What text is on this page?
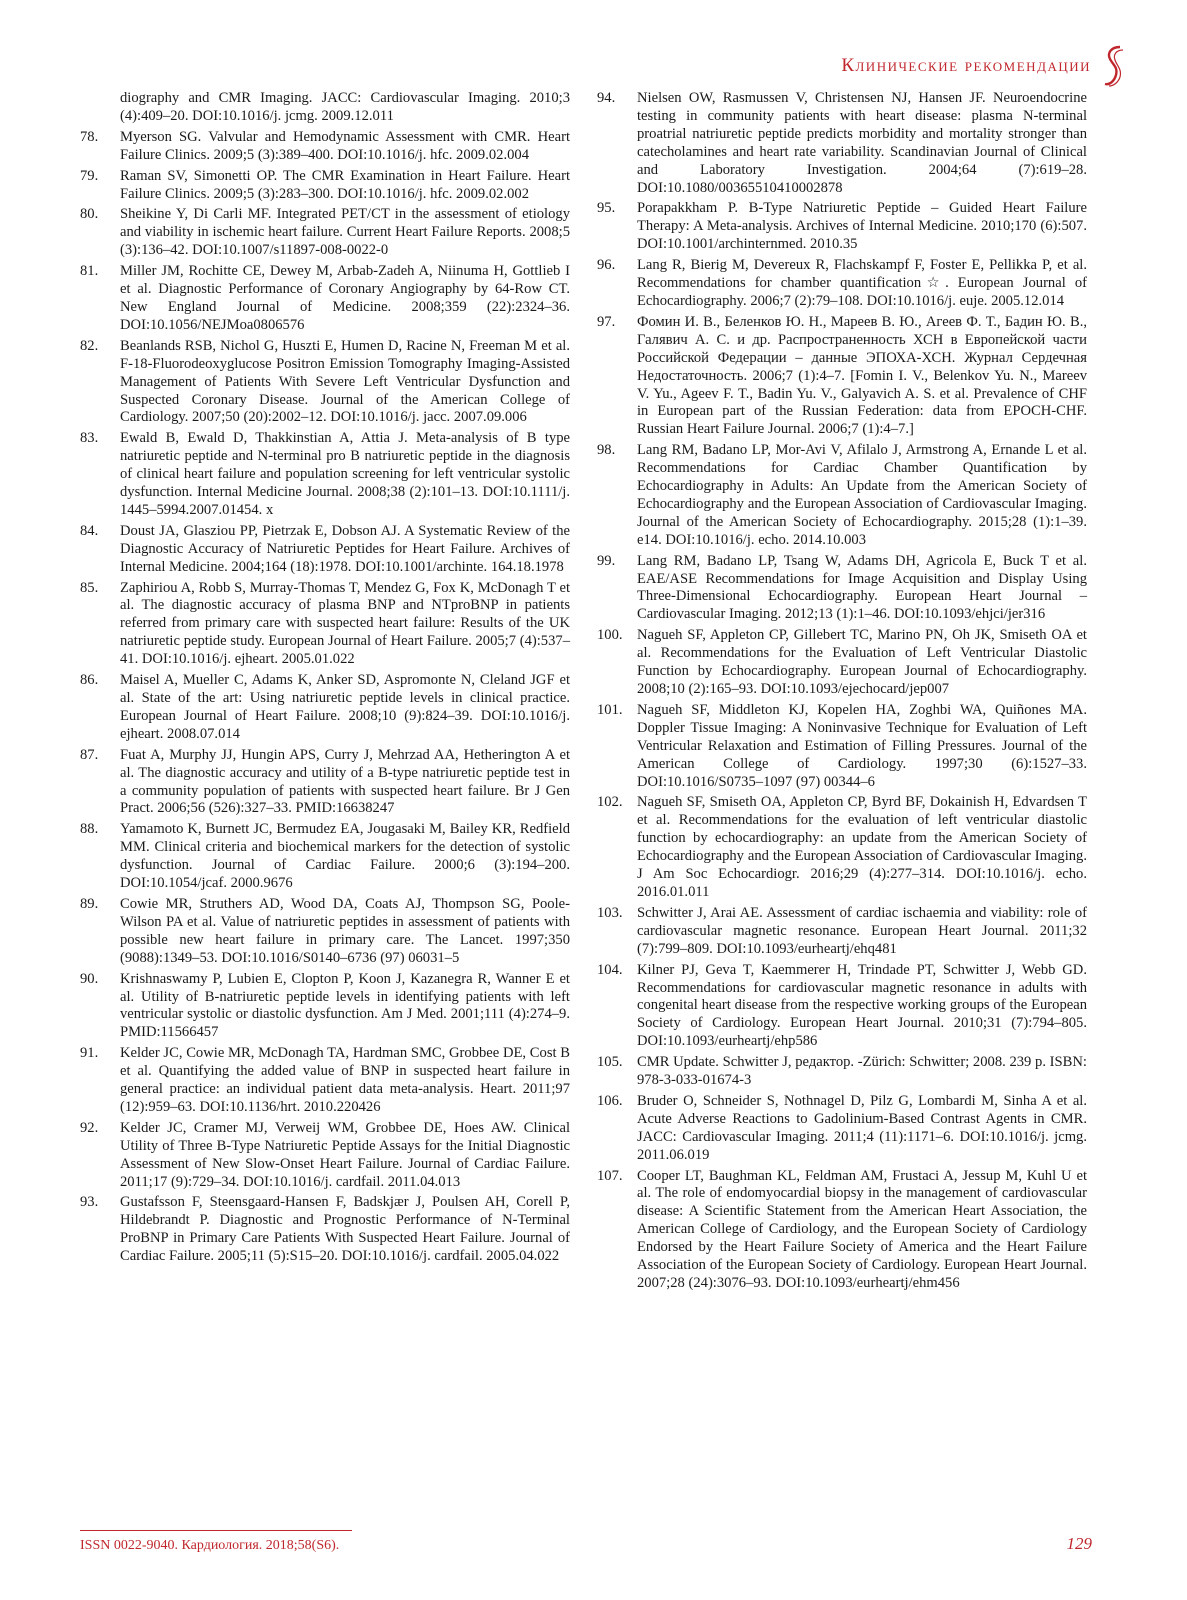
Клинические рекомендации
diography and CMR Imaging. JACC: Cardiovascular Imaging. 2010;3 (4):409–20. DOI:10.1016/j. jcmg. 2009.12.011
78.	Myerson SG. Valvular and Hemodynamic Assessment with CMR. Heart Failure Clinics. 2009;5 (3):389–400. DOI:10.1016/j. hfc. 2009.02.004
79.	Raman SV, Simonetti OP. The CMR Examination in Heart Failure. Heart Failure Clinics. 2009;5 (3):283–300. DOI:10.1016/j. hfc. 2009.02.002
80.	Sheikine Y, Di Carli MF. Integrated PET/CT in the assessment of etiology and viability in ischemic heart failure. Current Heart Failure Reports. 2008;5 (3):136–42. DOI:10.1007/s11897-008-0022-0
81.	Miller JM, Rochitte CE, Dewey M, Arbab-Zadeh A, Niinuma H, Gottlieb I et al. Diagnostic Performance of Coronary Angiography by 64-Row CT. New England Journal of Medicine. 2008;359 (22):2324–36. DOI:10.1056/NEJMoa0806576
82.	Beanlands RSB, Nichol G, Huszti E, Humen D, Racine N, Freeman M et al. F-18-Fluorodeoxyglucose Positron Emission Tomography Imaging-Assisted Management of Patients With Severe Left Ventricular Dysfunction and Suspected Coronary Disease. Journal of the American College of Cardiology. 2007;50 (20):2002–12. DOI:10.1016/j. jacc. 2007.09.006
83.	Ewald B, Ewald D, Thakkinstian A, Attia J. Meta-analysis of B type natriuretic peptide and N-terminal pro B natriuretic peptide in the diagnosis of clinical heart failure and population screening for left ventricular systolic dysfunction. Internal Medicine Journal. 2008;38 (2):101–13. DOI:10.1111/j. 1445–5994.2007.01454. x
84.	Doust JA, Glasziou PP, Pietrzak E, Dobson AJ. A Systematic Review of the Diagnostic Accuracy of Natriuretic Peptides for Heart Failure. Archives of Internal Medicine. 2004;164 (18):1978. DOI:10.1001/archinte. 164.18.1978
85.	Zaphiriou A, Robb S, Murray-Thomas T, Mendez G, Fox K, McDonagh T et al. The diagnostic accuracy of plasma BNP and NTproBNP in patients referred from primary care with suspected heart failure: Results of the UK natriuretic peptide study. European Journal of Heart Failure. 2005;7 (4):537–41. DOI:10.1016/j. ejheart. 2005.01.022
86.	Maisel A, Mueller C, Adams K, Anker SD, Aspromonte N, Cleland JGF et al. State of the art: Using natriuretic peptide levels in clinical practice. European Journal of Heart Failure. 2008;10 (9):824–39. DOI:10.1016/j. ejheart. 2008.07.014
87.	Fuat A, Murphy JJ, Hungin APS, Curry J, Mehrzad AA, Hetherington A et al. The diagnostic accuracy and utility of a B-type natriuretic peptide test in a community population of patients with suspected heart failure. Br J Gen Pract. 2006;56 (526):327–33. PMID:16638247
88.	Yamamoto K, Burnett JC, Bermudez EA, Jougasaki M, Bailey KR, Redfield MM. Clinical criteria and biochemical markers for the detection of systolic dysfunction. Journal of Cardiac Failure. 2000;6 (3):194–200. DOI:10.1054/jcaf. 2000.9676
89.	Cowie MR, Struthers AD, Wood DA, Coats AJ, Thompson SG, Poole-Wilson PA et al. Value of natriuretic peptides in assessment of patients with possible new heart failure in primary care. The Lancet. 1997;350 (9088):1349–53. DOI:10.1016/S0140–6736 (97) 06031–5
90.	Krishnaswamy P, Lubien E, Clopton P, Koon J, Kazanegra R, Wanner E et al. Utility of B-natriuretic peptide levels in identifying patients with left ventricular systolic or diastolic dysfunction. Am J Med. 2001;111 (4):274–9. PMID:11566457
91.	Kelder JC, Cowie MR, McDonagh TA, Hardman SMC, Grobbee DE, Cost B et al. Quantifying the added value of BNP in suspected heart failure in general practice: an individual patient data meta-analysis. Heart. 2011;97 (12):959–63. DOI:10.1136/hrt. 2010.220426
92.	Kelder JC, Cramer MJ, Verweij WM, Grobbee DE, Hoes AW. Clinical Utility of Three B-Type Natriuretic Peptide Assays for the Initial Diagnostic Assessment of New Slow-Onset Heart Failure. Journal of Cardiac Failure. 2011;17 (9):729–34. DOI:10.1016/j. cardfail. 2011.04.013
93.	Gustafsson F, Steensgaard-Hansen F, Badskjær J, Poulsen AH, Corell P, Hildebrandt P. Diagnostic and Prognostic Performance of N-Terminal ProBNP in Primary Care Patients With Suspected Heart Failure. Journal of Cardiac Failure. 2005;11 (5):S15–20. DOI:10.1016/j. cardfail. 2005.04.022
94.	Nielsen OW, Rasmussen V, Christensen NJ, Hansen JF. Neuroendocrine testing in community patients with heart disease: plasma N-terminal proatrial natriuretic peptide predicts morbidity and mortality stronger than catecholamines and heart rate variability. Scandinavian Journal of Clinical and Laboratory Investigation. 2004;64 (7):619–28. DOI:10.1080/00365510410002878
95.	Porapakkham P. B-Type Natriuretic Peptide – Guided Heart Failure Therapy: A Meta-analysis. Archives of Internal Medicine. 2010;170 (6):507. DOI:10.1001/archinternmed. 2010.35
96.	Lang R, Bierig M, Devereux R, Flachskampf F, Foster E, Pellikka P, et al. Recommendations for chamber quantification☆. European Journal of Echocardiography. 2006;7 (2):79–108. DOI:10.1016/j. euje. 2005.12.014
97.	Фомин И. В., Беленков Ю. Н., Мареев В. Ю., Агеев Ф. Т., Бадин Ю. В., Галявич А. С. и др. Распространенность ХСН в Европейской части Российской Федерации – данные ЭПОХА-ХСН. Журнал Сердечная Недостаточность. 2006;7 (1):4–7. [Fomin I. V., Belenkov Yu. N., Mareev V. Yu., Ageev F. T., Badin Yu. V., Galyavich A. S. et al. Prevalence of CHF in European part of the Russian Federation: data from EPOCH-CHF. Russian Heart Failure Journal. 2006;7 (1):4–7.]
98.	Lang RM, Badano LP, Mor-Avi V, Afilalo J, Armstrong A, Ernande L et al. Recommendations for Cardiac Chamber Quantification by Echocardiography in Adults: An Update from the American Society of Echocardiography and the European Association of Cardiovascular Imaging. Journal of the American Society of Echocardiography. 2015;28 (1):1–39. e14. DOI:10.1016/j. echo. 2014.10.003
99.	Lang RM, Badano LP, Tsang W, Adams DH, Agricola E, Buck T et al. EAE/ASE Recommendations for Image Acquisition and Display Using Three-Dimensional Echocardiography. European Heart Journal – Cardiovascular Imaging. 2012;13 (1):1–46. DOI:10.1093/ehjci/jer316
100. Nagueh SF, Appleton CP, Gillebert TC, Marino PN, Oh JK, Smiseth OA et al. Recommendations for the Evaluation of Left Ventricular Diastolic Function by Echocardiography. European Journal of Echocardiography. 2008;10 (2):165–93. DOI:10.1093/ejechocard/jep007
101. Nagueh SF, Middleton KJ, Kopelen HA, Zoghbi WA, Quiñones MA. Doppler Tissue Imaging: A Noninvasive Technique for Evaluation of Left Ventricular Relaxation and Estimation of Filling Pressures. Journal of the American College of Cardiology. 1997;30 (6):1527–33. DOI:10.1016/S0735–1097 (97) 00344–6
102. Nagueh SF, Smiseth OA, Appleton CP, Byrd BF, Dokainish H, Edvardsen T et al. Recommendations for the evaluation of left ventricular diastolic function by echocardiography: an update from the American Society of Echocardiography and the European Association of Cardiovascular Imaging. J Am Soc Echocardiogr. 2016;29 (4):277–314. DOI:10.1016/j. echo. 2016.01.011
103. Schwitter J, Arai AE. Assessment of cardiac ischaemia and viability: role of cardiovascular magnetic resonance. European Heart Journal. 2011;32 (7):799–809. DOI:10.1093/eurheartj/ehq481
104. Kilner PJ, Geva T, Kaemmerer H, Trindade PT, Schwitter J, Webb GD. Recommendations for cardiovascular magnetic resonance in adults with congenital heart disease from the respective working groups of the European Society of Cardiology. European Heart Journal. 2010;31 (7):794–805. DOI:10.1093/eurheartj/ehp586
105. CMR Update. Schwitter J, редактор. -Zürich: Schwitter; 2008. 239 p. ISBN: 978-3-033-01674-3
106. Bruder O, Schneider S, Nothnagel D, Pilz G, Lombardi M, Sinha A et al. Acute Adverse Reactions to Gadolinium-Based Contrast Agents in CMR. JACC: Cardiovascular Imaging. 2011;4 (11):1171–6. DOI:10.1016/j. jcmg. 2011.06.019
107. Cooper LT, Baughman KL, Feldman AM, Frustaci A, Jessup M, Kuhl U et al. The role of endomyocardial biopsy in the management of cardiovascular disease: A Scientific Statement from the American Heart Association, the American College of Cardiology, and the European Society of Cardiology Endorsed by the Heart Failure Society of America and the Heart Failure Association of the European Society of Cardiology. European Heart Journal. 2007;28 (24):3076–93. DOI:10.1093/eurheartj/ehm456
ISSN 0022-9040. Кардиология. 2018;58(S6).	129
